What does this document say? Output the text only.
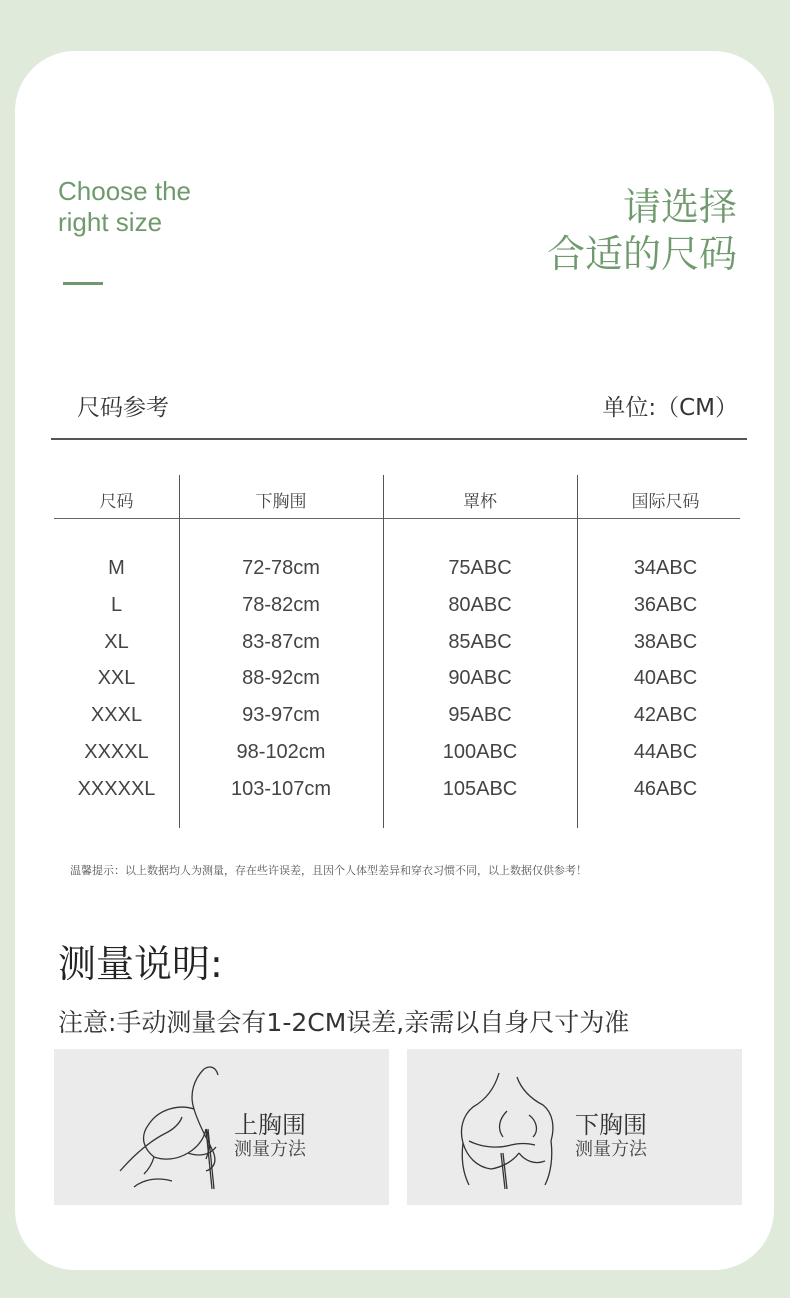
Choose the
right size	请选择
合适的尺码
尺码参考	单位:（CM）
尺码	下胸围	罩杯	国际尺码
M	72-78cm	75ABC	34ABC
L	78-82cm	80ABC	36ABC
XL	83-87cm	85ABC	38ABC
XXL	88-92cm	90ABC	40ABC
XXXL	93-97cm	95ABC	42ABC
XXXXL	98-102cm	100ABC	44ABC
XXXXXL	103-107cm	105ABC	46ABC
温馨提示：以上数据均人为测量，存在些许误差，且因个人体型差异和穿衣习惯不同，以上数据仅供参考！
测量说明:
注意:手动测量会有1-2CM误差,亲需以自身尺寸为准
上胸围
测量方法
下胸围
测量方法
